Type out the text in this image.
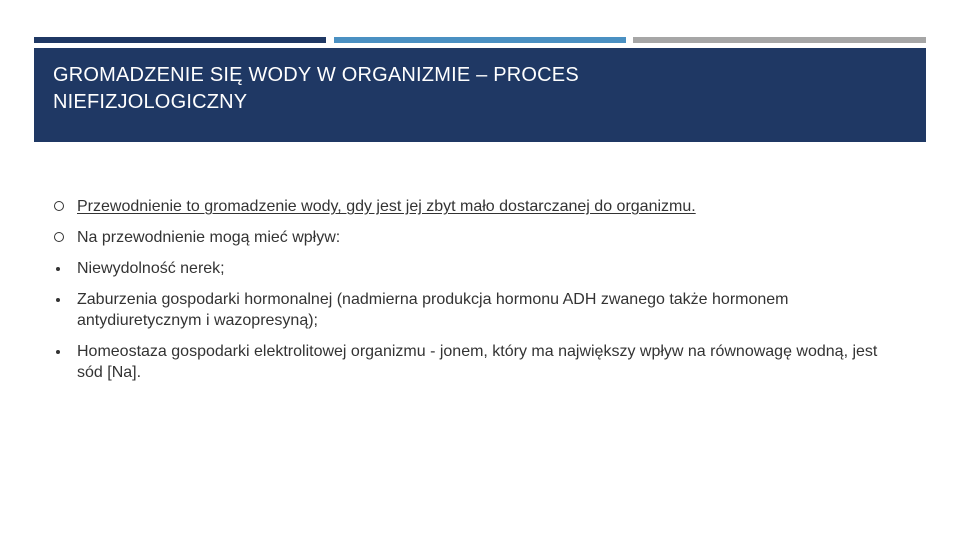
GROMADZENIE SIĘ WODY W ORGANIZMIE – PROCES
NIEFIZJOLOGICZNY
Przewodnienie to gromadzenie wody, gdy jest jej zbyt mało dostarczanej do organizmu.
Na przewodnienie mogą mieć wpływ:
Niewydolność nerek;
Zaburzenia gospodarki hormonalnej (nadmierna produkcja hormonu ADH zwanego także hormonem antydiuretycznym i wazopresyną);
Homeostaza gospodarki elektrolitowej organizmu - jonem, który ma największy wpływ na równowagę wodną, jest sód [Na].
